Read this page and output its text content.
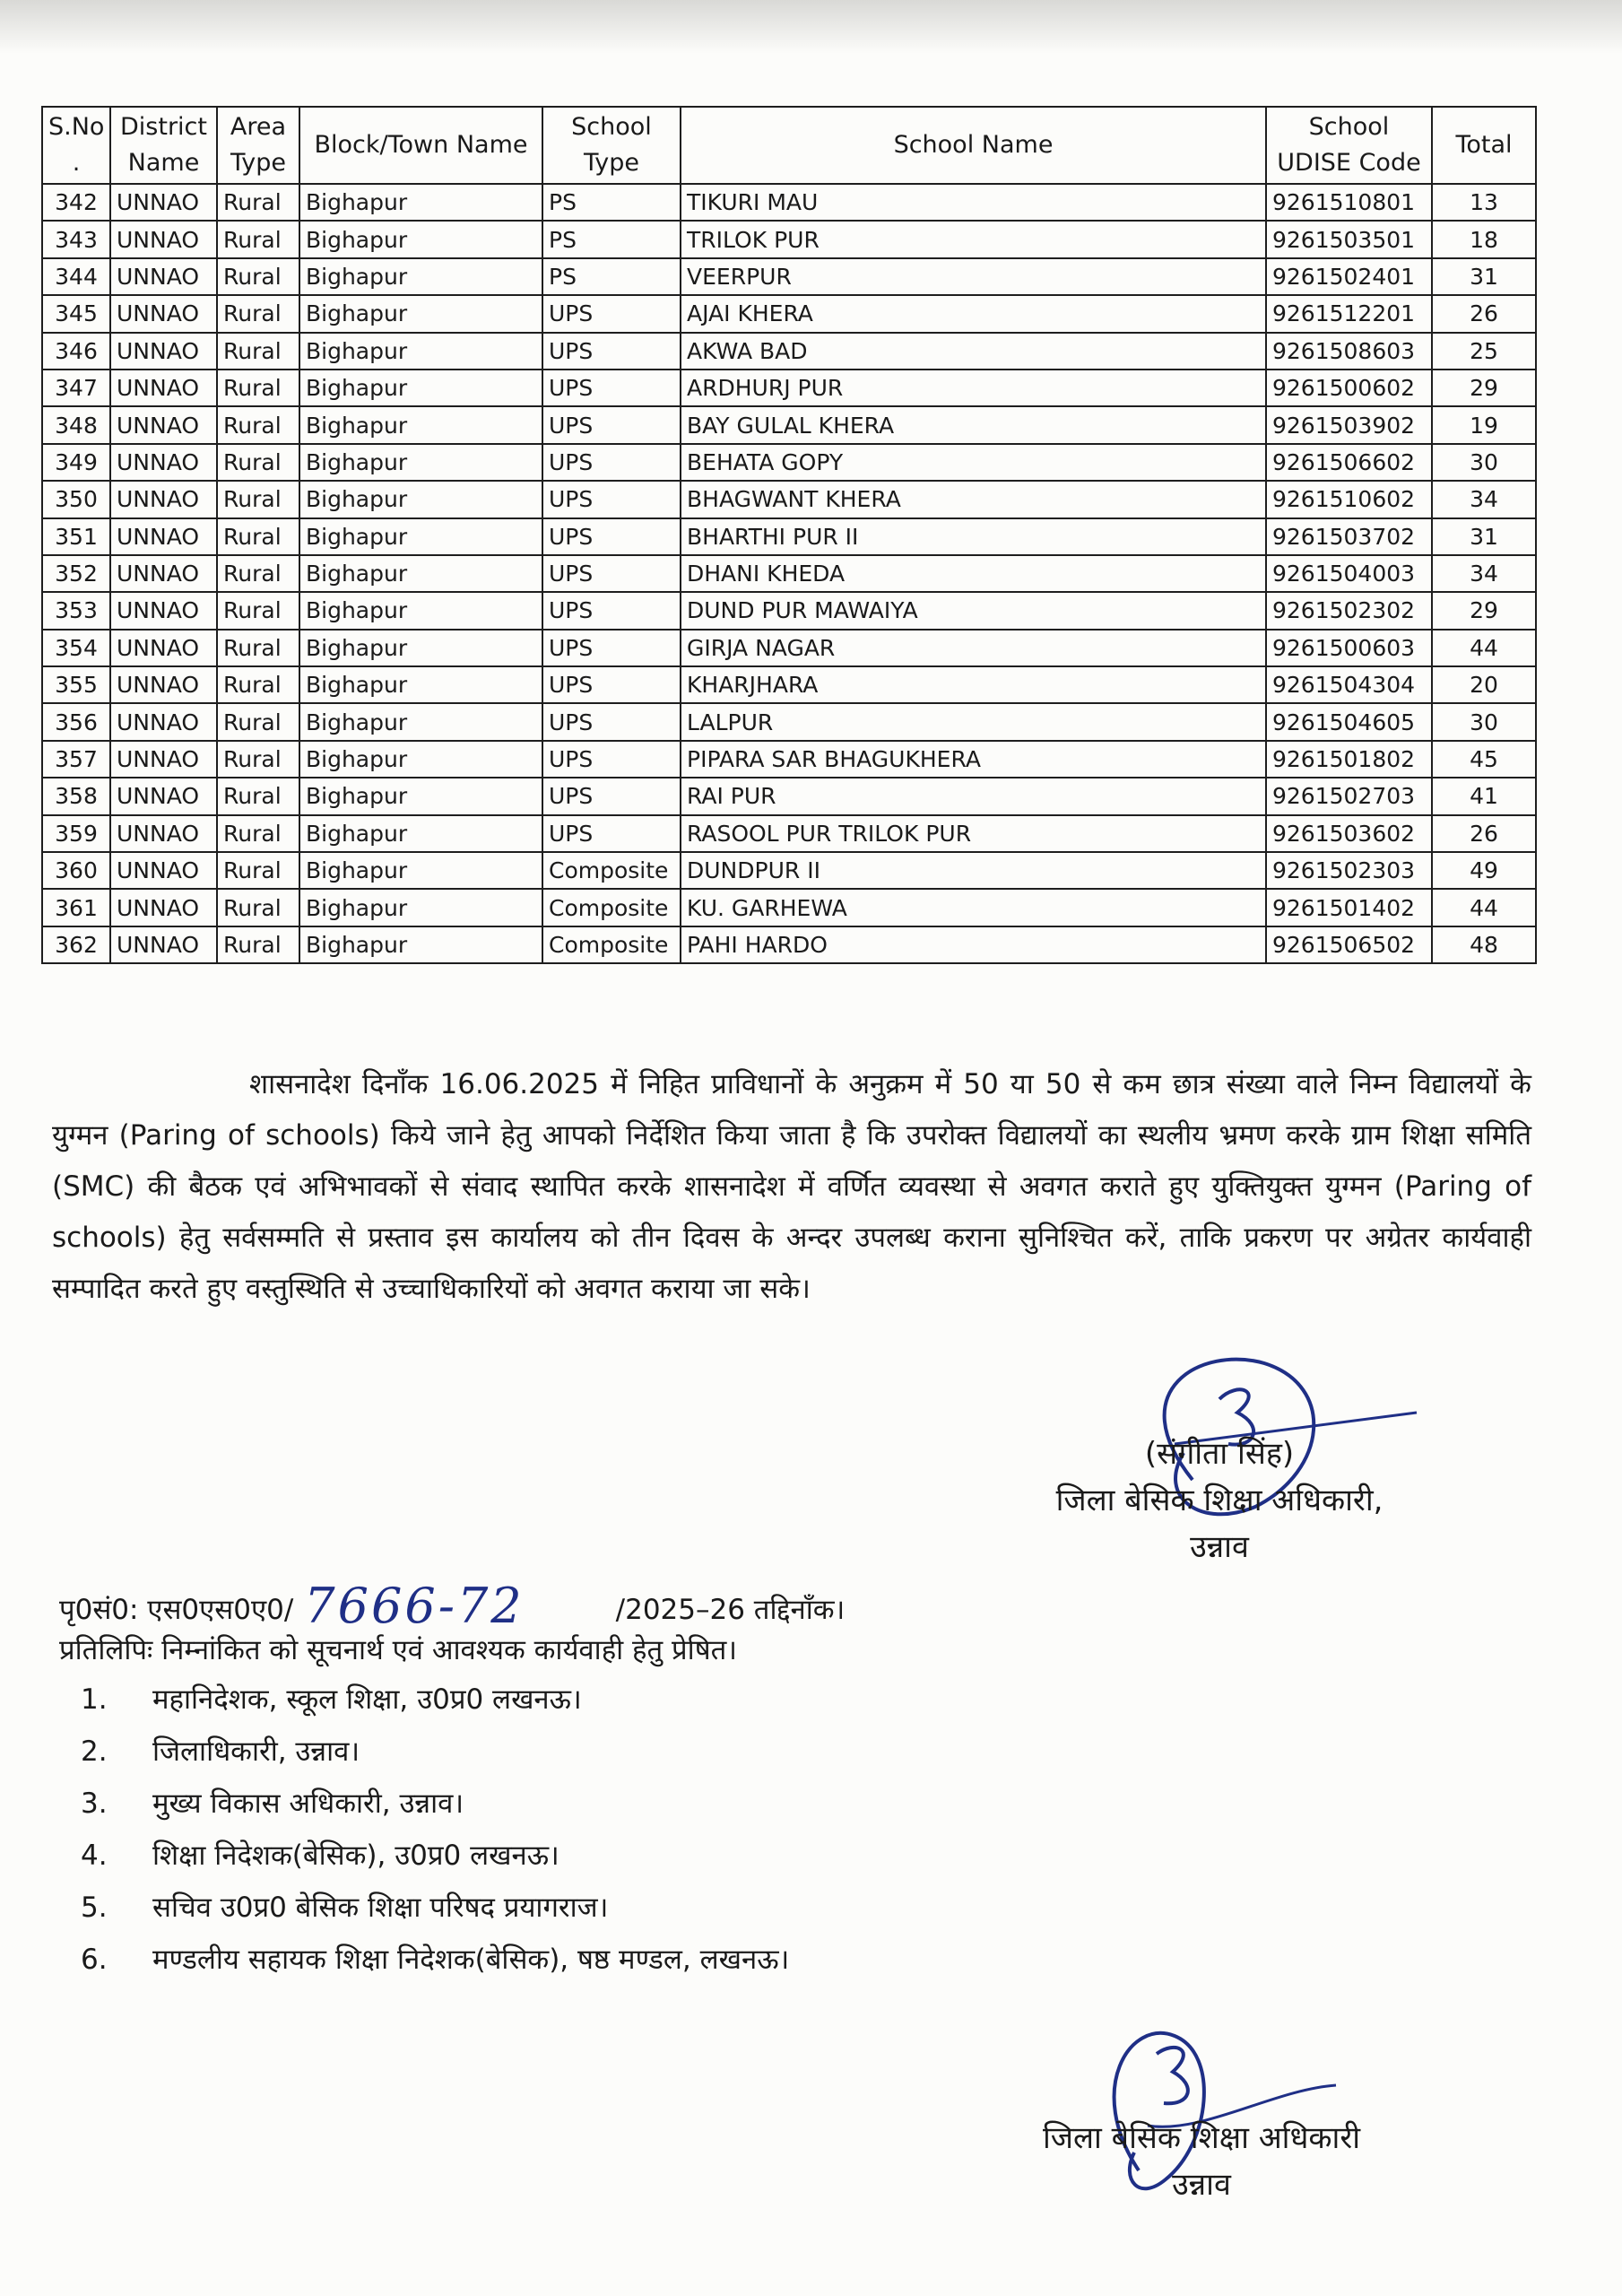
S.No .	District Name	Area Type	Block/Town Name	School Type	School Name	School UDISE Code	Total
342	UNNAO	Rural	Bighapur	PS	TIKURI MAU	9261510801	13
343	UNNAO	Rural	Bighapur	PS	TRILOK PUR	9261503501	18
344	UNNAO	Rural	Bighapur	PS	VEERPUR	9261502401	31
345	UNNAO	Rural	Bighapur	UPS	AJAI KHERA	9261512201	26
346	UNNAO	Rural	Bighapur	UPS	AKWA BAD	9261508603	25
347	UNNAO	Rural	Bighapur	UPS	ARDHURJ PUR	9261500602	29
348	UNNAO	Rural	Bighapur	UPS	BAY GULAL KHERA	9261503902	19
349	UNNAO	Rural	Bighapur	UPS	BEHATA GOPY	9261506602	30
350	UNNAO	Rural	Bighapur	UPS	BHAGWANT KHERA	9261510602	34
351	UNNAO	Rural	Bighapur	UPS	BHARTHI PUR II	9261503702	31
352	UNNAO	Rural	Bighapur	UPS	DHANI KHEDA	9261504003	34
353	UNNAO	Rural	Bighapur	UPS	DUND PUR MAWAIYA	9261502302	29
354	UNNAO	Rural	Bighapur	UPS	GIRJA NAGAR	9261500603	44
355	UNNAO	Rural	Bighapur	UPS	KHARJHARA	9261504304	20
356	UNNAO	Rural	Bighapur	UPS	LALPUR	9261504605	30
357	UNNAO	Rural	Bighapur	UPS	PIPARA SAR BHAGUKHERA	9261501802	45
358	UNNAO	Rural	Bighapur	UPS	RAI PUR	9261502703	41
359	UNNAO	Rural	Bighapur	UPS	RASOOL PUR TRILOK PUR	9261503602	26
360	UNNAO	Rural	Bighapur	Composite	DUNDPUR II	9261502303	49
361	UNNAO	Rural	Bighapur	Composite	KU. GARHEWA	9261501402	44
362	UNNAO	Rural	Bighapur	Composite	PAHI HARDO	9261506502	48

शासनादेश दिनाँक 16.06.2025 में निहित प्राविधानों के अनुक्रम में 50 या 50 से कम छात्र संख्या वाले निम्न विद्यालयों के युग्मन (Paring of schools) किये जाने हेतु आपको निर्देशित किया जाता है कि उपरोक्त विद्यालयों का स्थलीय भ्रमण करके ग्राम शिक्षा समिति (SMC) की बैठक एवं अभिभावकों से संवाद स्थापित करके शासनादेश में वर्णित व्यवस्था से अवगत कराते हुए युक्तियुक्त युग्मन (Paring of schools) हेतु सर्वसम्मति से प्रस्ताव इस कार्यालय को तीन दिवस के अन्दर उपलब्ध कराना सुनिश्चित करें, ताकि प्रकरण पर अग्रेतर कार्यवाही सम्पादित करते हुए वस्तुस्थिति से उच्चाधिकारियों को अवगत कराया जा सके।

(संगीता सिंह)
जिला बेसिक शिक्षा अधिकारी,
उन्नाव
पृ0सं0: एस0एस0ए0/ 7666-72	/2025–26 तद्दिनाँक।
प्रतिलिपिः निम्नांकित को सूचनार्थ एवं आवश्यक कार्यवाही हेतु प्रेषित।
1.	महानिदेशक, स्कूल शिक्षा, उ0प्र0 लखनऊ।
2.	जिलाधिकारी, उन्नाव।
3.	मुख्य विकास अधिकारी, उन्नाव।
4.	शिक्षा निदेशक(बेसिक), उ0प्र0 लखनऊ।
5.	सचिव उ0प्र0 बेसिक शिक्षा परिषद प्रयागराज।
6.	मण्डलीय सहायक शिक्षा निदेशक(बेसिक), षष्ठ मण्डल, लखनऊ।
जिला बेसिक शिक्षा अधिकारी
उन्नाव
